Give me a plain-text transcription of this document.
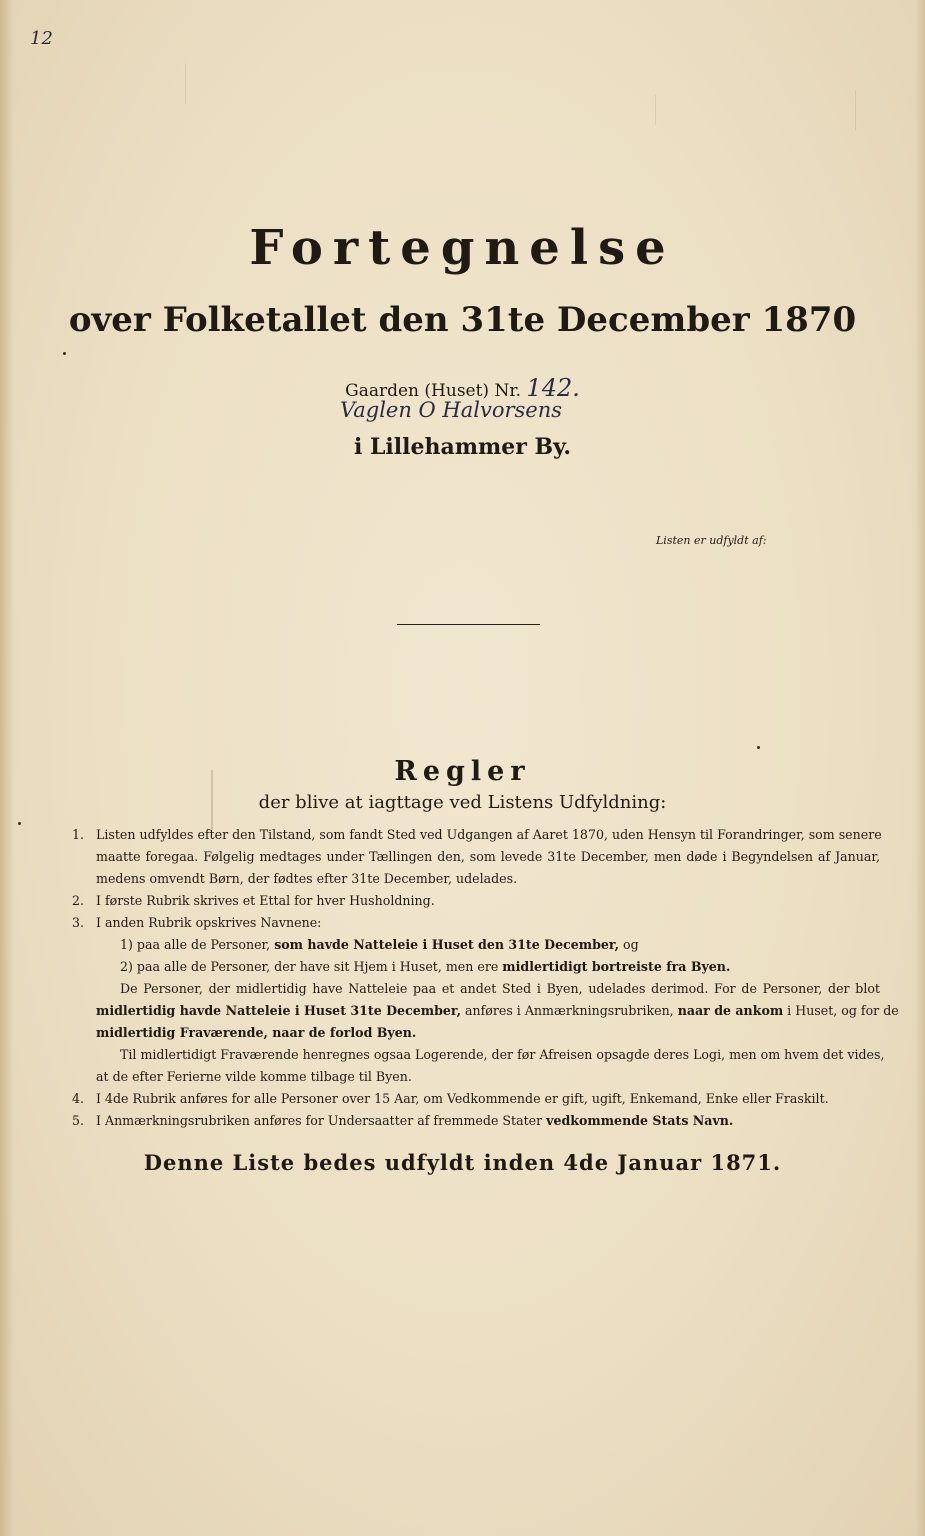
12
Fortegnelse
over Folketallet den 31te December 1870
Gaarden (Huset) Nr. 142.
Vaglen O Halvorsens
i Lillehammer By.
Listen er udfyldt af:
Regler
der blive at iagttage ved Listens Udfyldning:
1. Listen udfyldes efter den Tilstand, som fandt Sted ved Udgangen af Aaret 1870, uden Hensyn til Forandringer, som senere
maatte foregaa. Følgelig medtages under Tællingen den, som levede 31te December, men døde i Begyndelsen af Januar,
medens omvendt Børn, der fødtes efter 31te December, udelades.
2. I første Rubrik skrives et Ettal for hver Husholdning.
3. I anden Rubrik opskrives Navnene:
1) paa alle de Personer, som havde Natteleie i Huset den 31te December, og
2) paa alle de Personer, der have sit Hjem i Huset, men ere midlertidigt bortreiste fra Byen.
De Personer, der midlertidig have Natteleie paa et andet Sted i Byen, udelades derimod. For de Personer, der blot
midlertidig havde Natteleie i Huset 31te December, anføres i Anmærkningsrubriken, naar de ankom i Huset, og for de
midlertidig Fraværende, naar de forlod Byen.
Til midlertidigt Fraværende henregnes ogsaa Logerende, der før Afreisen opsagde deres Logi, men om hvem det vides,
at de efter Ferierne vilde komme tilbage til Byen.
4. I 4de Rubrik anføres for alle Personer over 15 Aar, om Vedkommende er gift, ugift, Enkemand, Enke eller Fraskilt.
5. I Anmærkningsrubriken anføres for Undersaatter af fremmede Stater vedkommende Stats Navn.
Denne Liste bedes udfyldt inden 4de Januar 1871.
